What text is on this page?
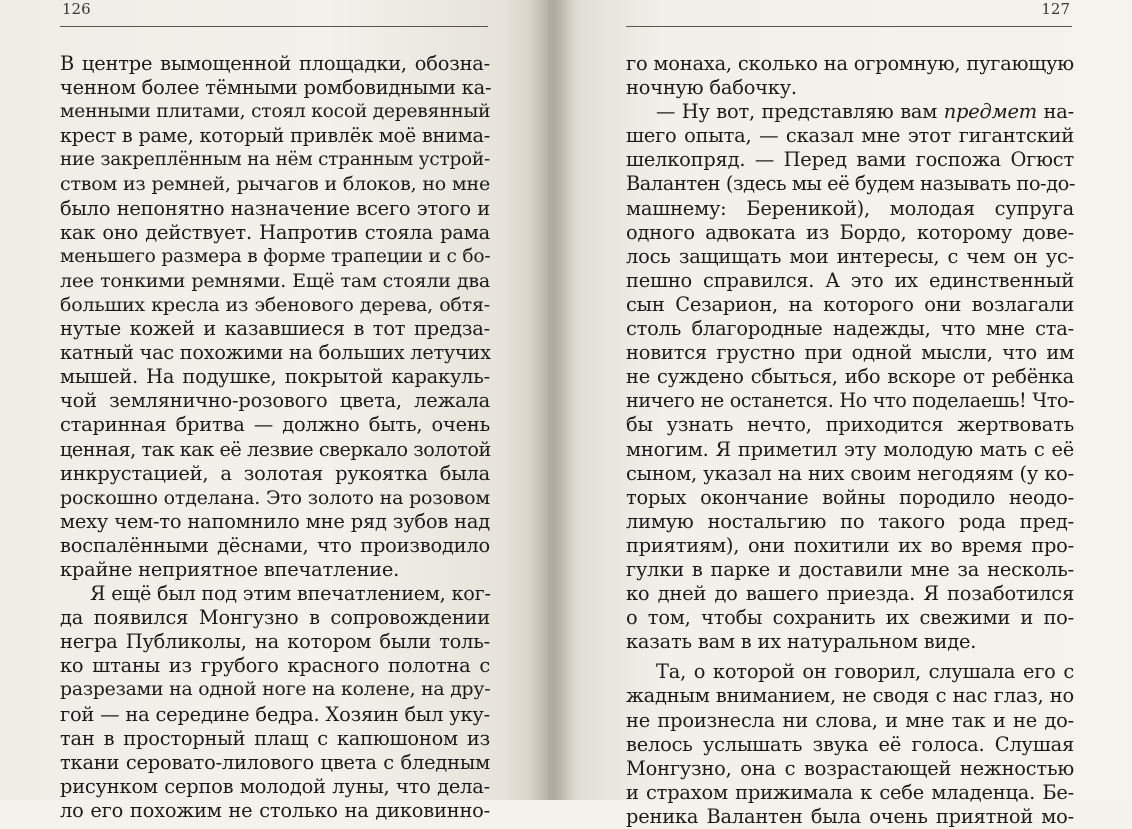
126
В центре вымощенной площадки, обозна-
ченном более тёмными ромбовидными ка-
менными плитами, стоял косой деревянный
крест в раме, который привлёк моё внима-
ние закреплённым на нём странным устрой-
ством из ремней, рычагов и блоков, но мне
было непонятно назначение всего этого и
как оно действует. Напротив стояла рама
меньшего размера в форме трапеции и с бо-
лее тонкими ремнями. Ещё там стояли два
больших кресла из эбенового дерева, обтя-
нутые кожей и казавшиеся в тот предза-
катный час похожими на больших летучих
мышей. На подушке, покрытой каракуль-
чой землянично-розового цвета, лежала
старинная бритва — должно быть, очень
ценная, так как её лезвие сверкало золотой
инкрустацией, а золотая рукоятка была
роскошно отделана. Это золото на розовом
меху чем-то напомнило мне ряд зубов над
воспалёнными дёснами, что производило
крайне неприятное впечатление.
Я ещё был под этим впечатлением, ког-
да появился Монгузно в сопровождении
негра Публиколы, на котором были толь-
ко штаны из грубого красного полотна с
разрезами на одной ноге на колене, на дру-
гой — на середине бедра. Хозяин был уку-
тан в просторный плащ с капюшоном из
ткани серовато-лилового цвета с бледным
рисунком серпов молодой луны, что дела-
ло его похожим не столько на диковинно-
127
го монаха, сколько на огромную, пугающую
ночную бабочку.
— Ну вот, представляю вам предмет на-
шего опыта, — сказал мне этот гигантский
шелкопряд. — Перед вами госпожа Огюст
Валантен (здесь мы её будем называть по-до-
машнему: Береникой), молодая супруга
одного адвоката из Бордо, которому дове-
лось защищать мои интересы, с чем он ус-
пешно справился. А это их единственный
сын Сезарион, на которого они возлагали
столь благородные надежды, что мне ста-
новится грустно при одной мысли, что им
не суждено сбыться, ибо вскоре от ребёнка
ничего не останется. Но что поделаешь! Что-
бы узнать нечто, приходится жертвовать
многим. Я приметил эту молодую мать с её
сыном, указал на них своим негодяям (у ко-
торых окончание войны породило неодо-
лимую ностальгию по такого рода пред-
приятиям), они похитили их во время про-
гулки в парке и доставили мне за несколь-
ко дней до вашего приезда. Я позаботился
о том, чтобы сохранить их свежими и по-
казать вам в их натуральном виде.
Та, о которой он говорил, слушала его с
жадным вниманием, не сводя с нас глаз, но
не произнесла ни слова, и мне так и не до-
велось услышать звука её голоса. Слушая
Монгузно, она с возрастающей нежностью
и страхом прижимала к себе младенца. Бе-
реника Валантен была очень приятной мо-
